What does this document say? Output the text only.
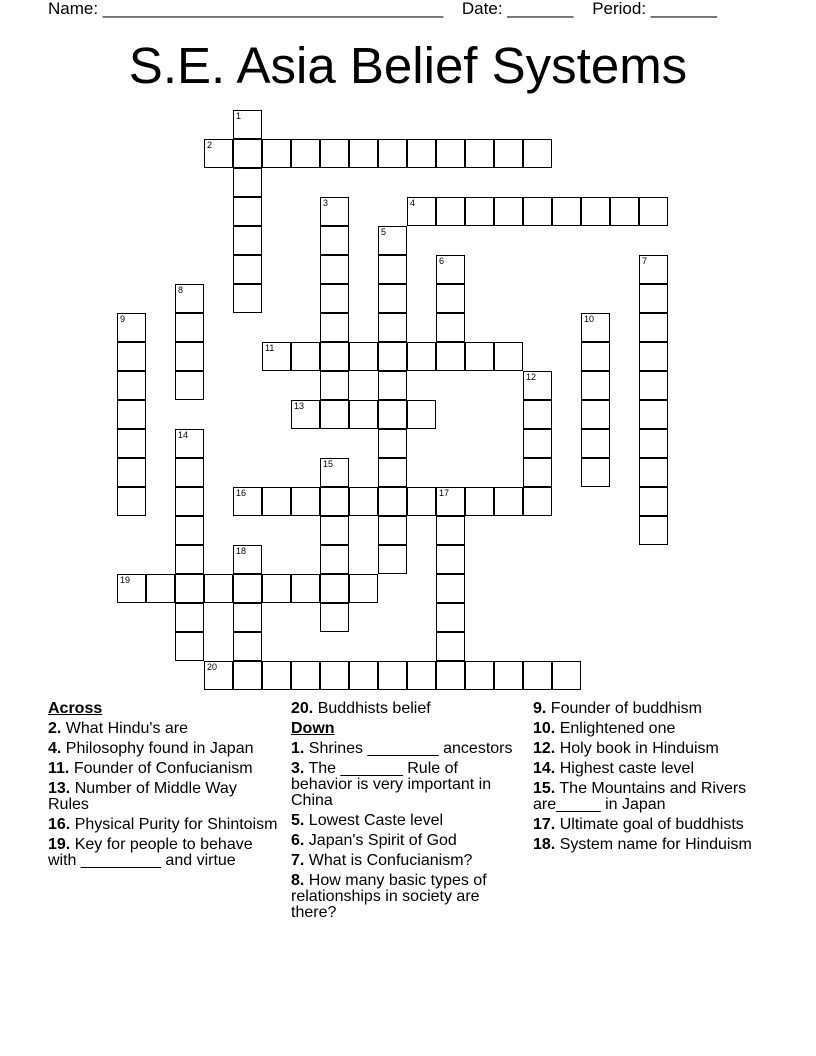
Name: ____________________________________ Date: _______ Period: _______
S.E. Asia Belief Systems
1
2
3	4
5
6	7
8
9	10
11
12
13
14
15
16	17
18
19
20
Across
2. What Hindu's are
4. Philosophy found in Japan
11. Founder of Confucianism
13. Number of Middle Way Rules
16. Physical Purity for Shintoism
19. Key for people to behave with _________ and virtue
20. Buddhists belief
Down
1. Shrines ________ ancestors
3. The _______ Rule of behavior is very important in China
5. Lowest Caste level
6. Japan's Spirit of God
7. What is Confucianism?
8. How many basic types of relationships in society are there?
9. Founder of buddhism
10. Enlightened one
12. Holy book in Hinduism
14. Highest caste level
15. The Mountains and Rivers are_____ in Japan
17. Ultimate goal of buddhists
18. System name for Hinduism
